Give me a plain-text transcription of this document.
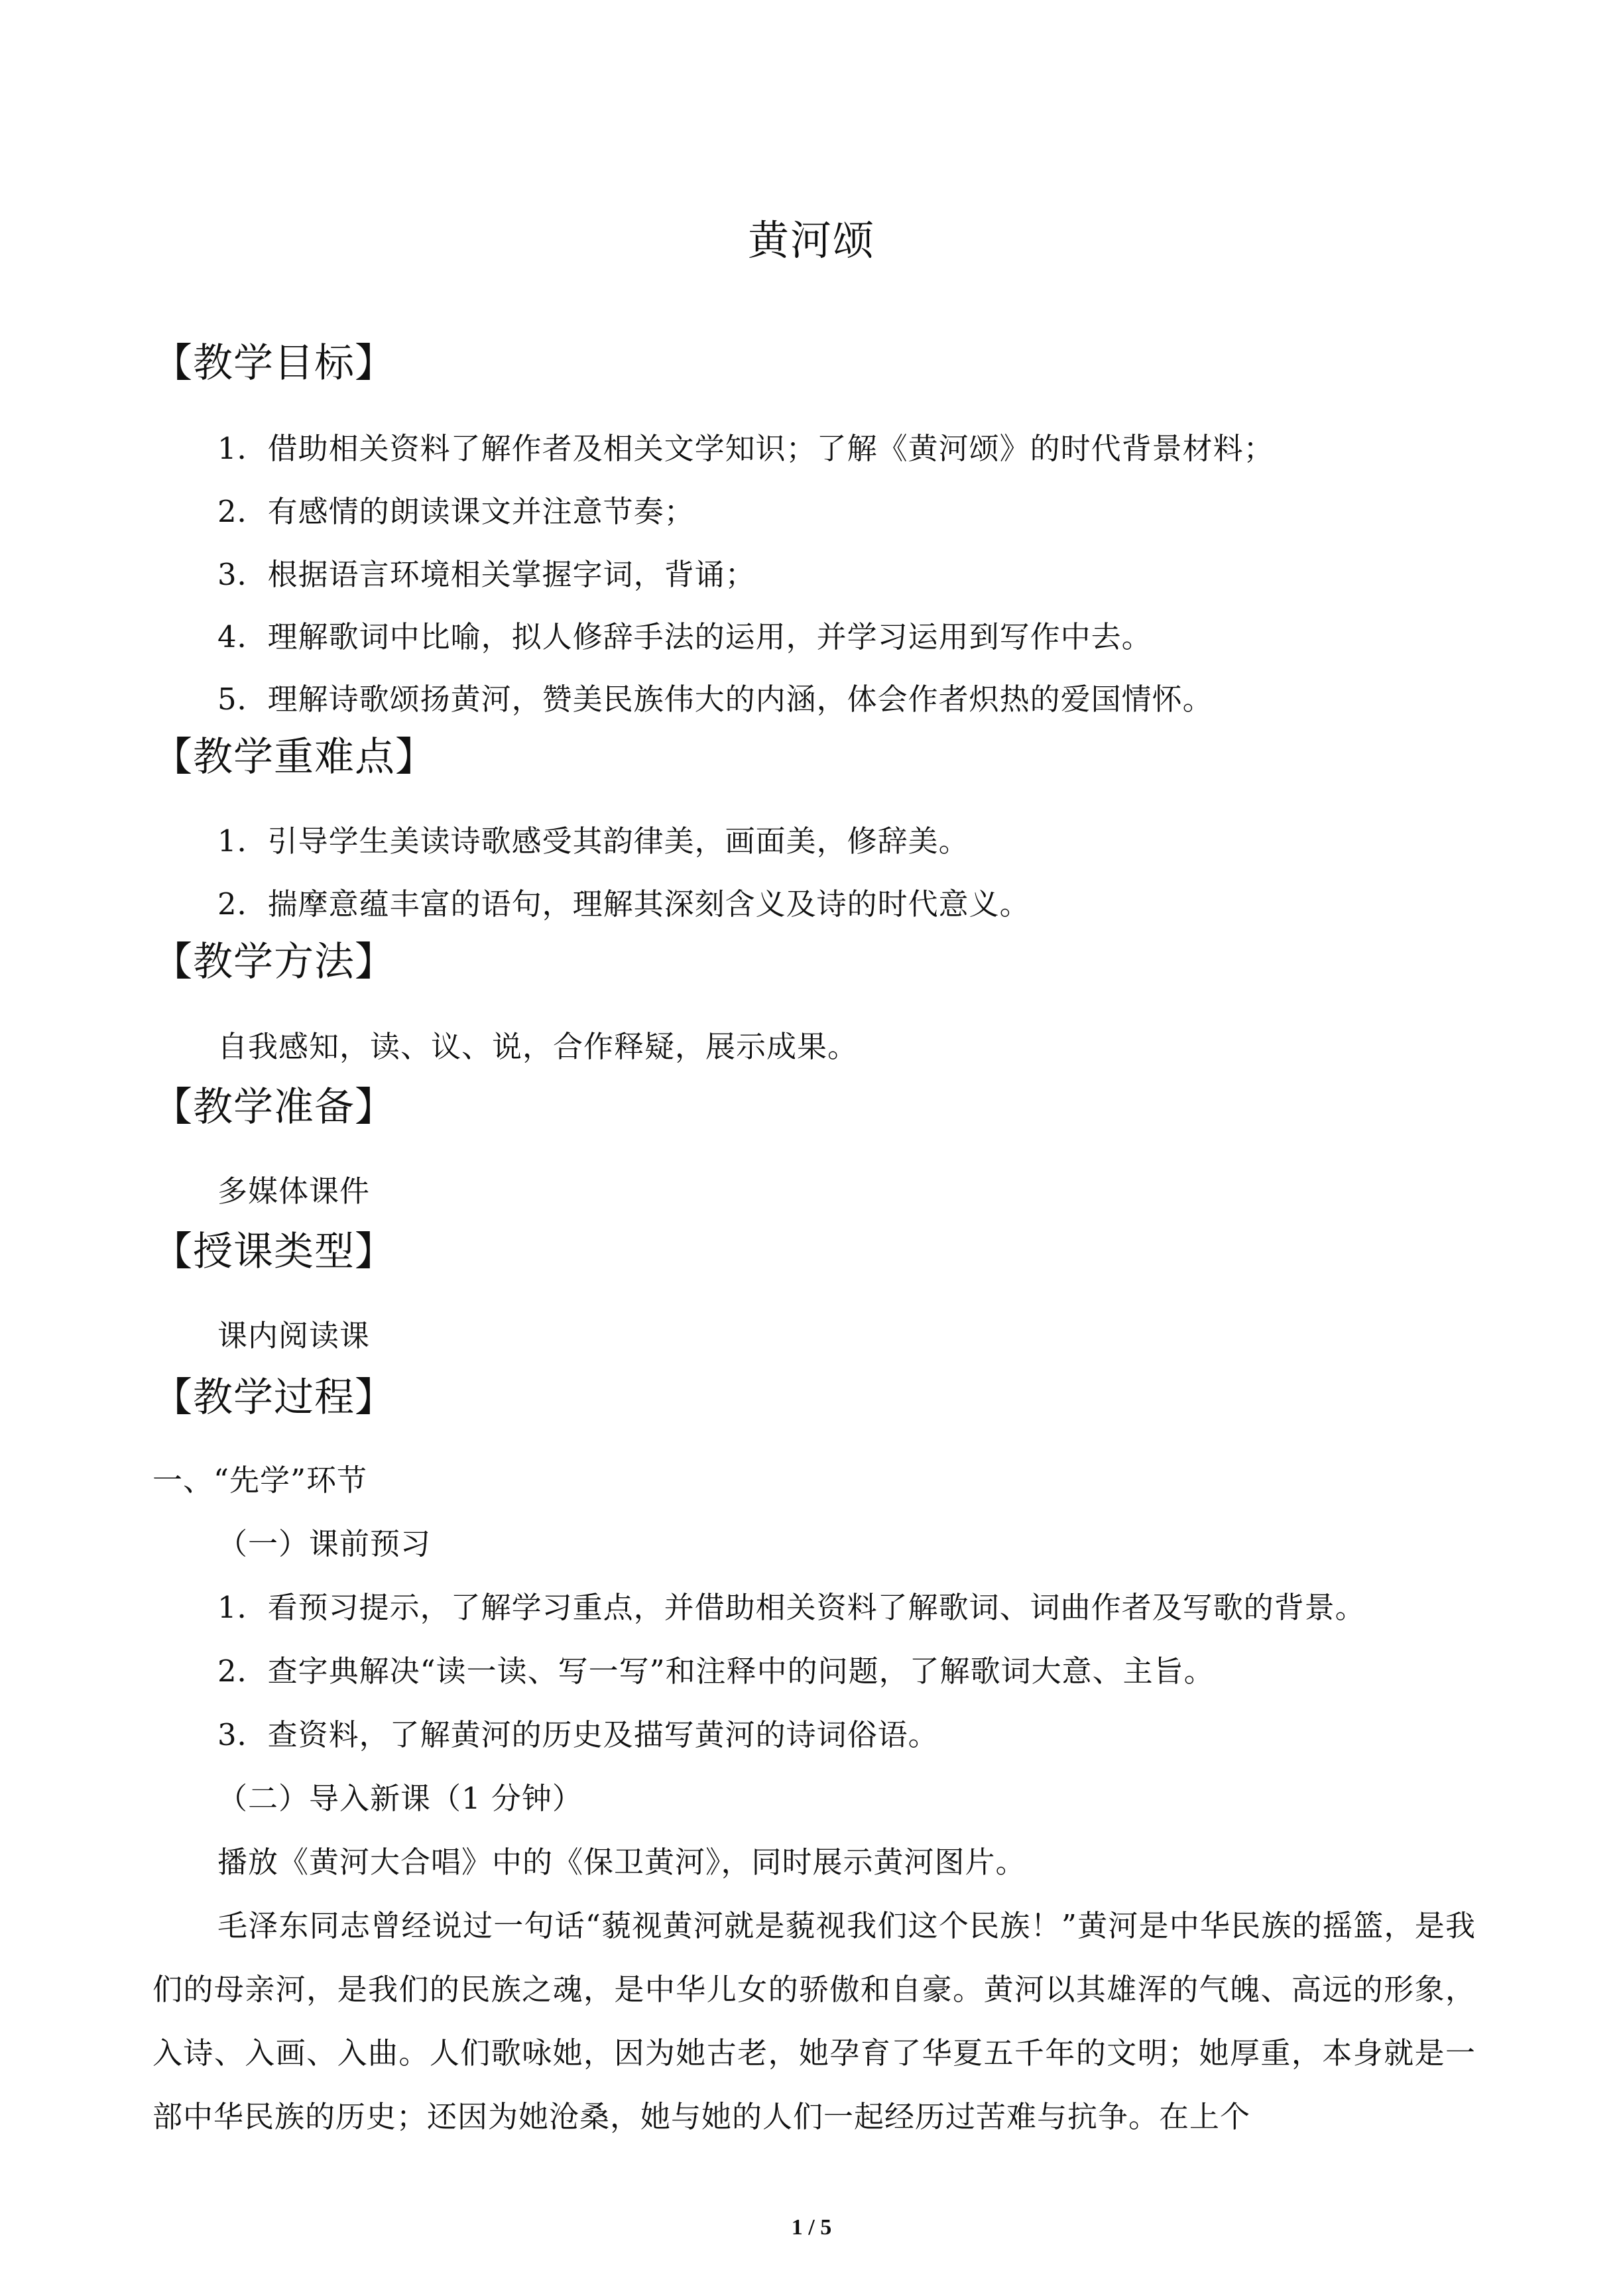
黄河颂
【教学目标】
1．借助相关资料了解作者及相关文学知识；了解《黄河颂》的时代背景材料；
2．有感情的朗读课文并注意节奏；
3．根据语言环境相关掌握字词，背诵；
4．理解歌词中比喻，拟人修辞手法的运用，并学习运用到写作中去。
5．理解诗歌颂扬黄河，赞美民族伟大的内涵，体会作者炽热的爱国情怀。
【教学重难点】
1．引导学生美读诗歌感受其韵律美，画面美，修辞美。
2．揣摩意蕴丰富的语句，理解其深刻含义及诗的时代意义。
【教学方法】
自我感知，读、议、说，合作释疑，展示成果。
【教学准备】
多媒体课件
【授课类型】
课内阅读课
【教学过程】
一、“先学”环节
（一）课前预习
1．看预习提示，了解学习重点，并借助相关资料了解歌词、词曲作者及写歌的背景。
2．查字典解决“读一读、写一写”和注释中的问题，了解歌词大意、主旨。
3．查资料，了解黄河的历史及描写黄河的诗词俗语。
（二）导入新课（1 分钟）
播放《黄河大合唱》中的《保卫黄河》，同时展示黄河图片。
毛泽东同志曾经说过一句话“藐视黄河就是藐视我们这个民族！”黄河是中华民族的摇篮，是我们的母亲河，是我们的民族之魂，是中华儿女的骄傲和自豪。黄河以其雄浑的气魄、高远的形象，入诗、入画、入曲。人们歌咏她，因为她古老，她孕育了华夏五千年的文明；她厚重，本身就是一部中华民族的历史；还因为她沧桑，她与她的人们一起经历过苦难与抗争。在上个
1 / 5
